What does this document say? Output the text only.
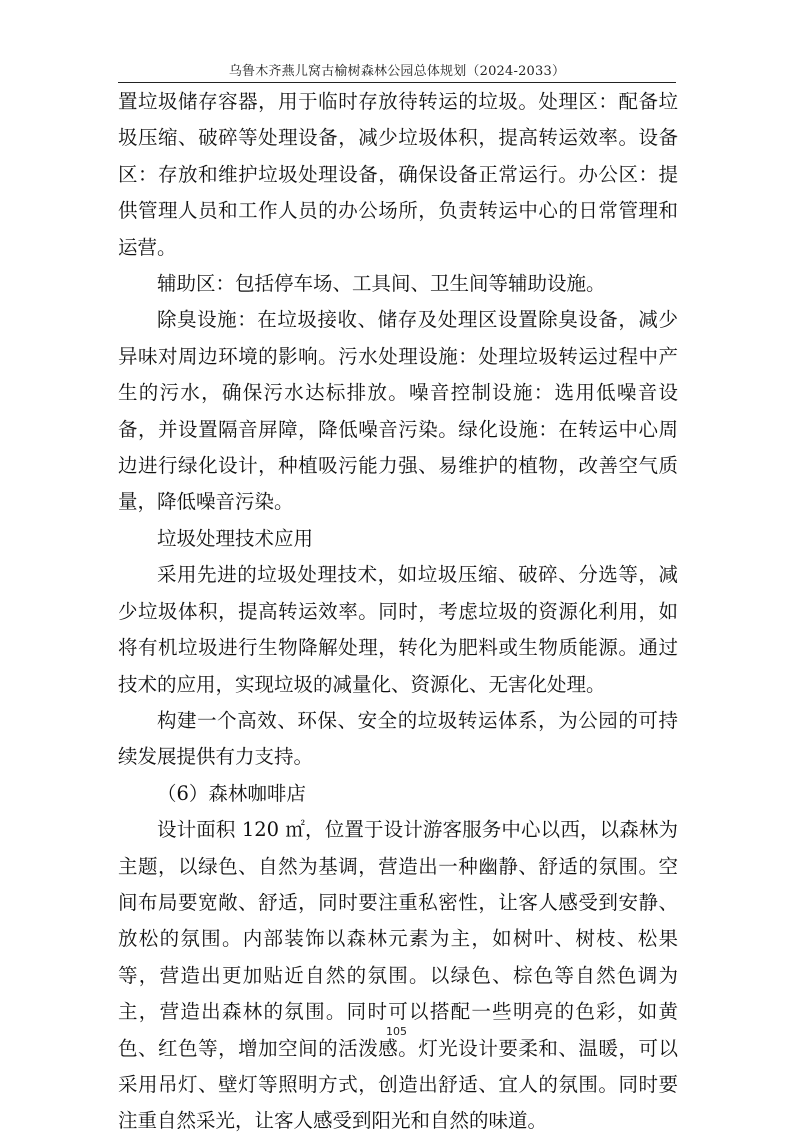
乌鲁木齐燕儿窝古榆树森林公园总体规划（2024-2033）

置垃圾储存容器，用于临时存放待转运的垃圾。处理区：配备垃圾压缩、破碎等处理设备，减少垃圾体积，提高转运效率。设备区：存放和维护垃圾处理设备，确保设备正常运行。办公区：提供管理人员和工作人员的办公场所，负责转运中心的日常管理和运营。

辅助区：包括停车场、工具间、卫生间等辅助设施。

除臭设施：在垃圾接收、储存及处理区设置除臭设备，减少异味对周边环境的影响。污水处理设施：处理垃圾转运过程中产生的污水，确保污水达标排放。噪音控制设施：选用低噪音设备，并设置隔音屏障，降低噪音污染。绿化设施：在转运中心周边进行绿化设计，种植吸污能力强、易维护的植物，改善空气质量，降低噪音污染。

垃圾处理技术应用

采用先进的垃圾处理技术，如垃圾压缩、破碎、分选等，减少垃圾体积，提高转运效率。同时，考虑垃圾的资源化利用，如将有机垃圾进行生物降解处理，转化为肥料或生物质能源。通过技术的应用，实现垃圾的减量化、资源化、无害化处理。

构建一个高效、环保、安全的垃圾转运体系，为公园的可持续发展提供有力支持。

（6）森林咖啡店

设计面积 120 ㎡，位置于设计游客服务中心以西，以森林为主题，以绿色、自然为基调，营造出一种幽静、舒适的氛围。空间布局要宽敞、舒适，同时要注重私密性，让客人感受到安静、放松的氛围。内部装饰以森林元素为主，如树叶、树枝、松果等，营造出更加贴近自然的氛围。以绿色、棕色等自然色调为主，营造出森林的氛围。同时可以搭配一些明亮的色彩，如黄色、红色等，增加空间的活泼感。灯光设计要柔和、温暖，可以采用吊灯、壁灯等照明方式，创造出舒适、宜人的氛围。同时要注重自然采光，让客人感受到阳光和自然的味道。

105
